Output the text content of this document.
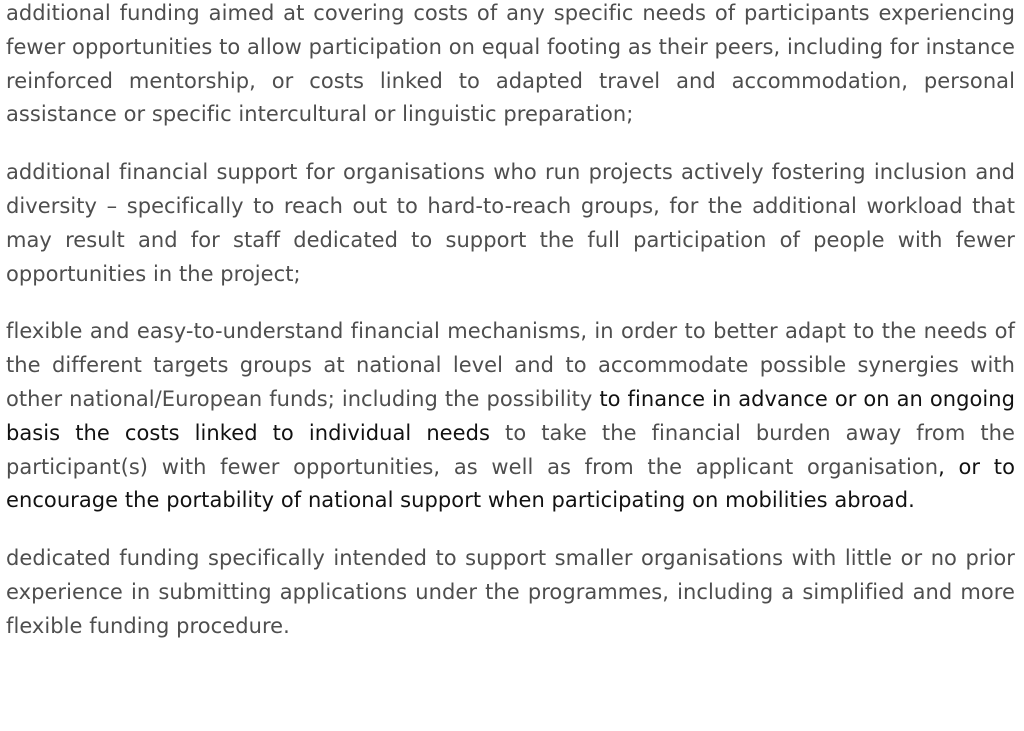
additional funding aimed at covering costs of any specific needs of participants experiencing fewer opportunities to allow participation on equal footing as their peers, including for instance reinforced mentorship, or costs linked to adapted travel and accommodation, personal assistance or specific intercultural or linguistic preparation;

additional financial support for organisations who run projects actively fostering inclusion and diversity – specifically to reach out to hard-to-reach groups, for the additional workload that may result and for staff dedicated to support the full participation of people with fewer opportunities in the project;

flexible and easy-to-understand financial mechanisms, in order to better adapt to the needs of the different targets groups at national level and to accommodate possible synergies with other national/European funds; including the possibility to finance in advance or on an ongoing basis the costs linked to individual needs to take the financial burden away from the participant(s) with fewer opportunities, as well as from the applicant organisation, or to encourage the portability of national support when participating on mobilities abroad.

dedicated funding specifically intended to support smaller organisations with little or no prior experience in submitting applications under the programmes, including a simplified and more flexible funding procedure.
